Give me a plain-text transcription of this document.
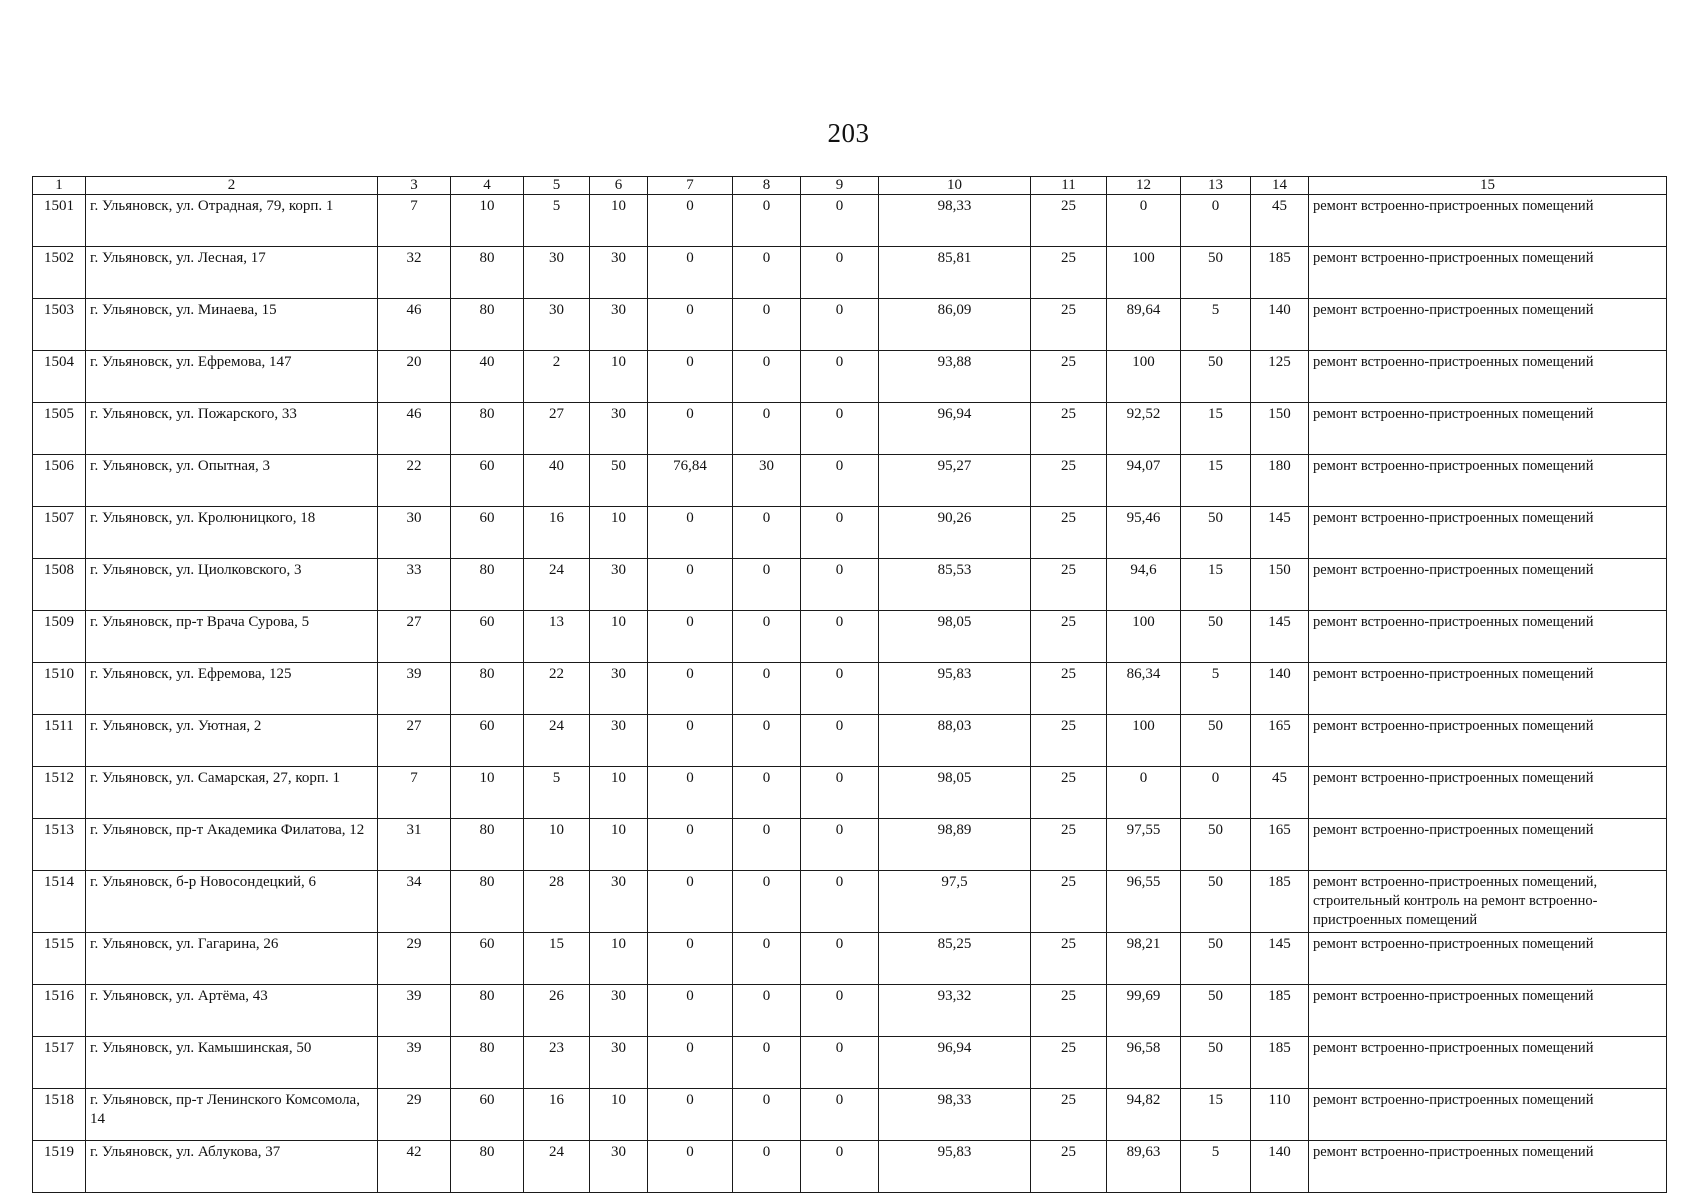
203
1	2	3	4	5	6	7	8	9	10	11	12	13	14	15
1501	г. Ульяновск, ул. Отрадная, 79, корп. 1	7	10	5	10	0	0	0	98,33	25	0	0	45	ремонт встроенно-пристроенных помещений
1502	г. Ульяновск, ул. Лесная, 17	32	80	30	30	0	0	0	85,81	25	100	50	185	ремонт встроенно-пристроенных помещений
1503	г. Ульяновск, ул. Минаева, 15	46	80	30	30	0	0	0	86,09	25	89,64	5	140	ремонт встроенно-пристроенных помещений
1504	г. Ульяновск, ул. Ефремова, 147	20	40	2	10	0	0	0	93,88	25	100	50	125	ремонт встроенно-пристроенных помещений
1505	г. Ульяновск, ул. Пожарского, 33	46	80	27	30	0	0	0	96,94	25	92,52	15	150	ремонт встроенно-пристроенных помещений
1506	г. Ульяновск, ул. Опытная, 3	22	60	40	50	76,84	30	0	95,27	25	94,07	15	180	ремонт встроенно-пристроенных помещений
1507	г. Ульяновск, ул. Кролюницкого, 18	30	60	16	10	0	0	0	90,26	25	95,46	50	145	ремонт встроенно-пристроенных помещений
1508	г. Ульяновск, ул. Циолковского, 3	33	80	24	30	0	0	0	85,53	25	94,6	15	150	ремонт встроенно-пристроенных помещений
1509	г. Ульяновск, пр-т Врача Сурова, 5	27	60	13	10	0	0	0	98,05	25	100	50	145	ремонт встроенно-пристроенных помещений
1510	г. Ульяновск, ул. Ефремова, 125	39	80	22	30	0	0	0	95,83	25	86,34	5	140	ремонт встроенно-пристроенных помещений
1511	г. Ульяновск, ул. Уютная, 2	27	60	24	30	0	0	0	88,03	25	100	50	165	ремонт встроенно-пристроенных помещений
1512	г. Ульяновск, ул. Самарская, 27, корп. 1	7	10	5	10	0	0	0	98,05	25	0	0	45	ремонт встроенно-пристроенных помещений
1513	г. Ульяновск, пр-т Академика Филатова, 12	31	80	10	10	0	0	0	98,89	25	97,55	50	165	ремонт встроенно-пристроенных помещений
1514	г. Ульяновск, б-р Новосондецкий, 6	34	80	28	30	0	0	0	97,5	25	96,55	50	185	ремонт встроенно-пристроенных помещений, строительный контроль на ремонт встроенно-пристроенных помещений
1515	г. Ульяновск, ул. Гагарина, 26	29	60	15	10	0	0	0	85,25	25	98,21	50	145	ремонт встроенно-пристроенных помещений
1516	г. Ульяновск, ул. Артёма, 43	39	80	26	30	0	0	0	93,32	25	99,69	50	185	ремонт встроенно-пристроенных помещений
1517	г. Ульяновск, ул. Камышинская, 50	39	80	23	30	0	0	0	96,94	25	96,58	50	185	ремонт встроенно-пристроенных помещений
1518	г. Ульяновск, пр-т Ленинского Комсомола, 14	29	60	16	10	0	0	0	98,33	25	94,82	15	110	ремонт встроенно-пристроенных помещений
1519	г. Ульяновск, ул. Аблукова, 37	42	80	24	30	0	0	0	95,83	25	89,63	5	140	ремонт встроенно-пристроенных помещений
